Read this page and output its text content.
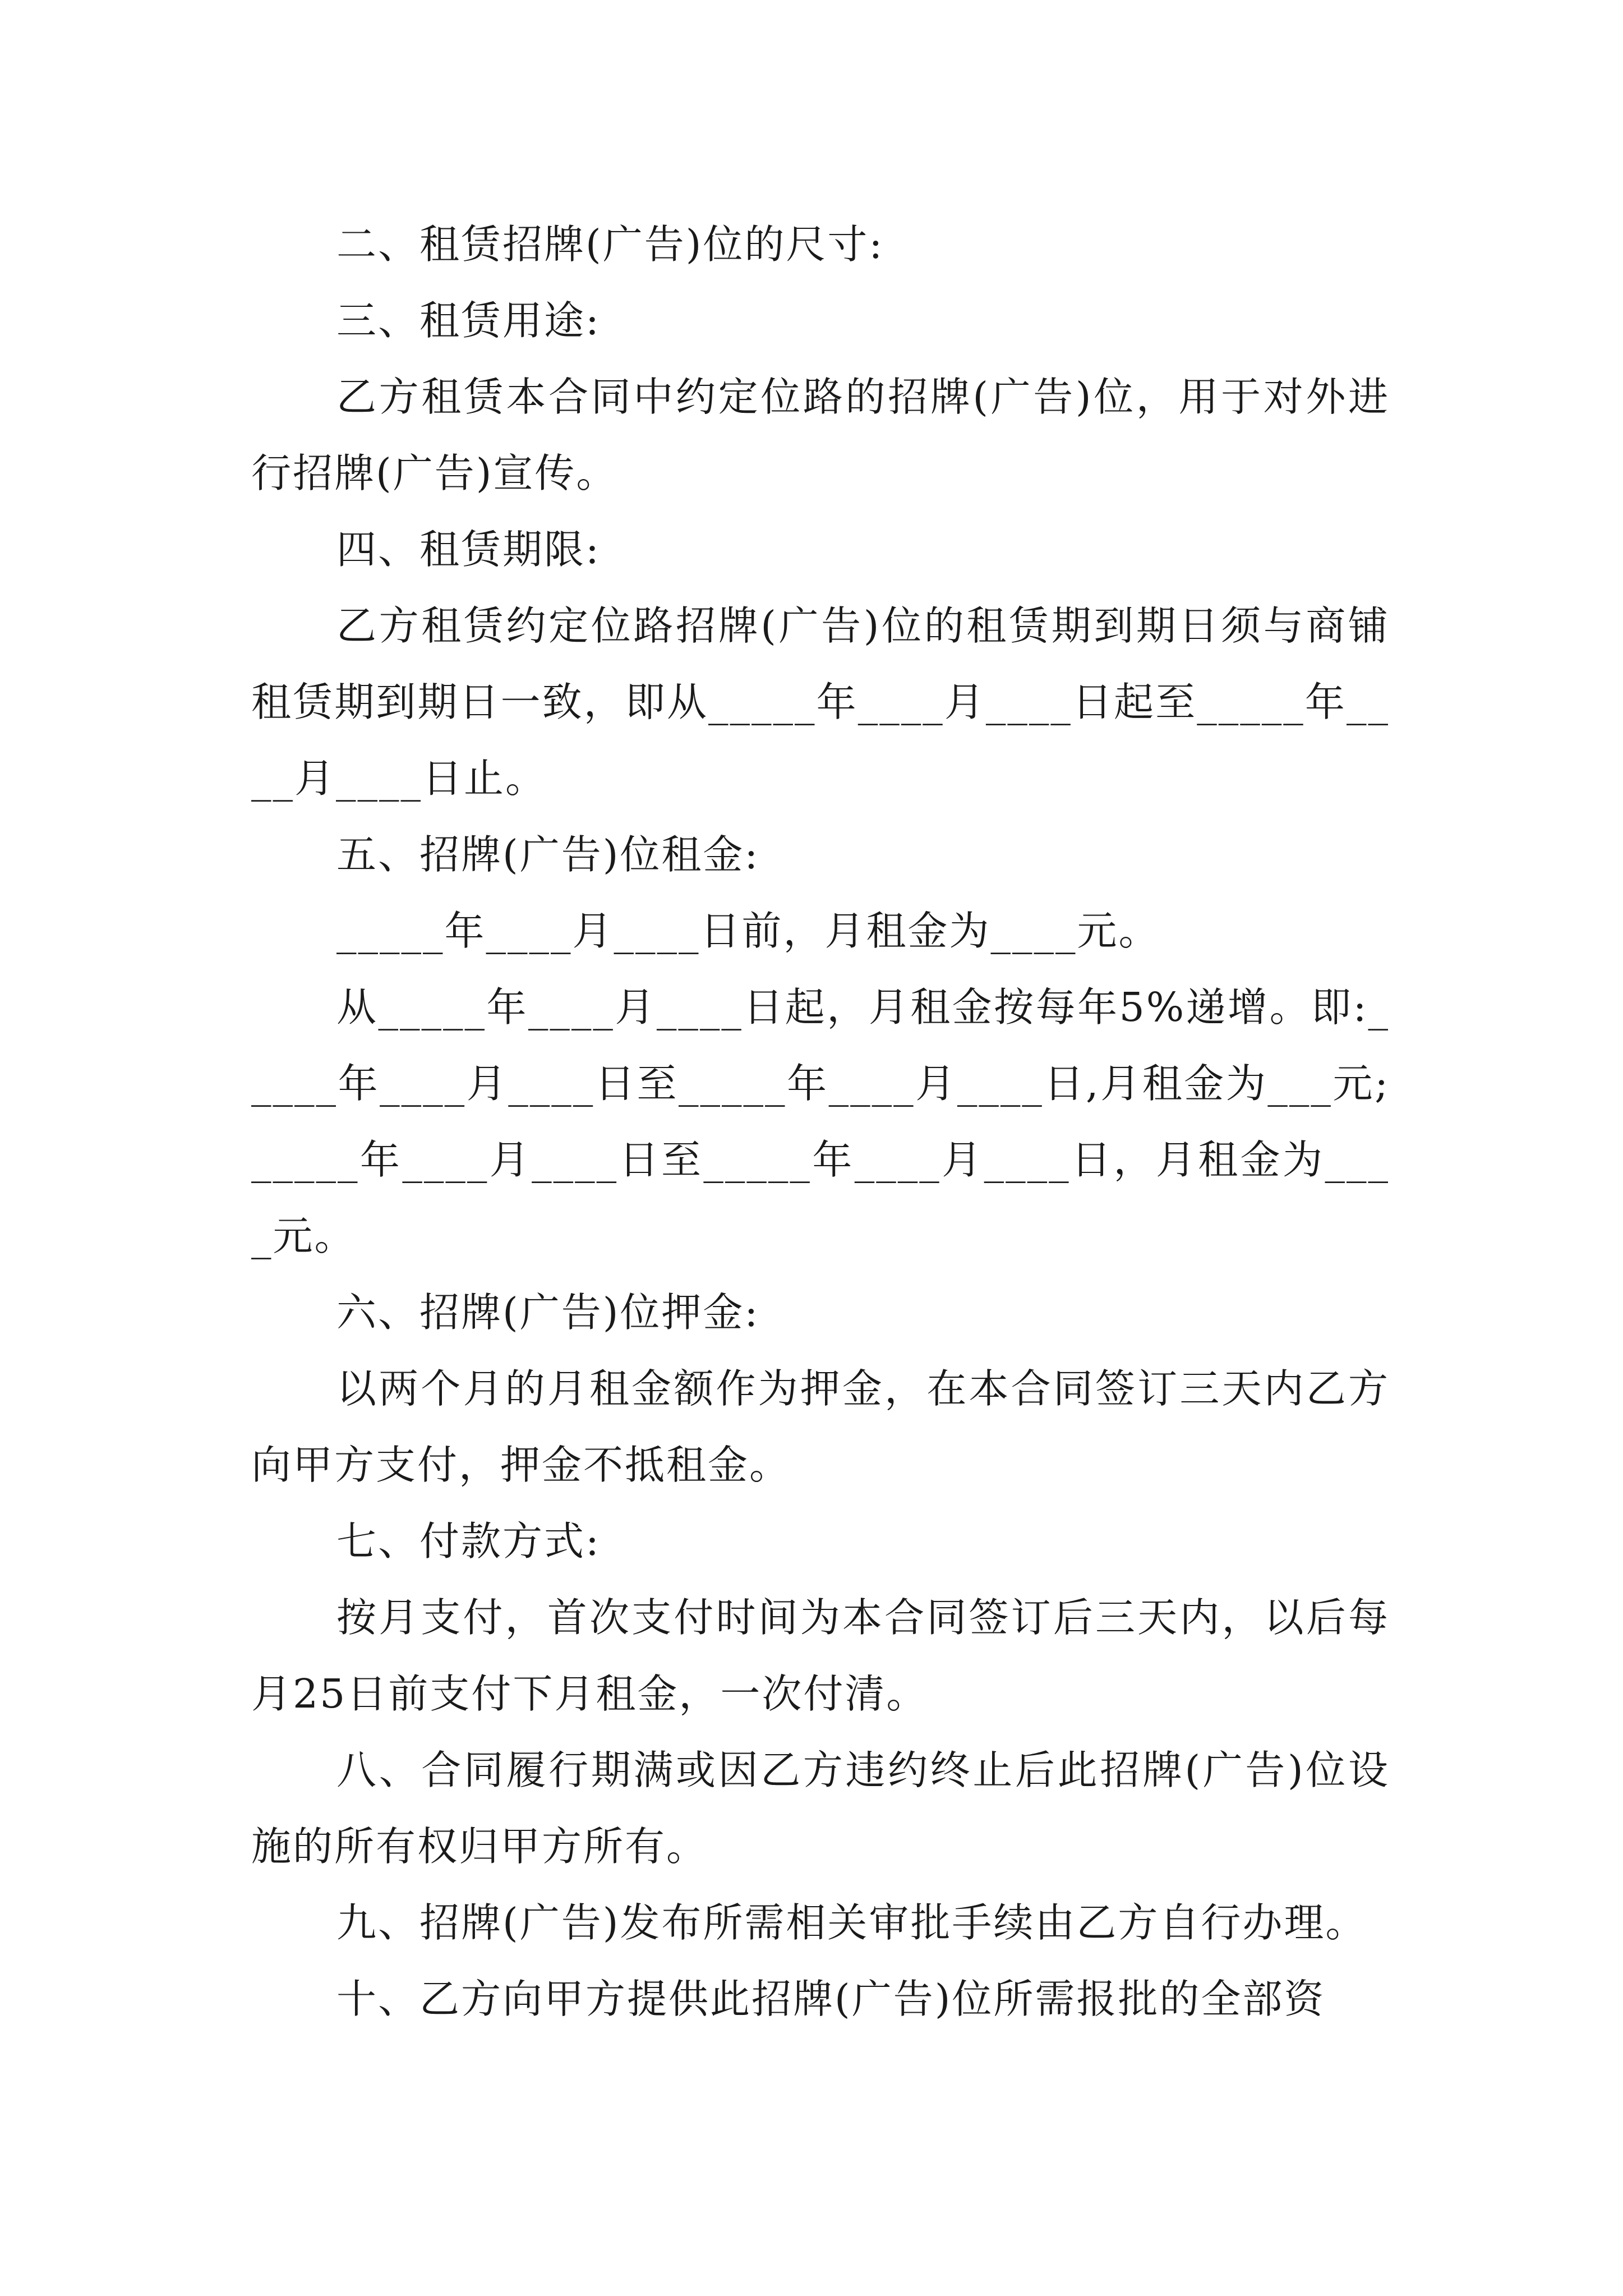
二、租赁招牌(广告)位的尺寸:

三、租赁用途:

乙方租赁本合同中约定位路的招牌(广告)位，用于对外进行招牌(广告)宣传。

四、租赁期限:

乙方租赁约定位路招牌(广告)位的租赁期到期日须与商铺租赁期到期日一致，即从_____年____月____日起至_____年____月____日止。

五、招牌(广告)位租金:

_____年____月____日前，月租金为____元。

从_____年____月____日起，月租金按每年5%递增。即:_____年____月____日至_____年____月____日,月租金为___元;_____年____月____日至_____年____月____日，月租金为____元。

六、招牌(广告)位押金:

以两个月的月租金额作为押金，在本合同签订三天内乙方向甲方支付，押金不抵租金。

七、付款方式:

按月支付，首次支付时间为本合同签订后三天内，以后每月25日前支付下月租金，一次付清。

八、合同履行期满或因乙方违约终止后此招牌(广告)位设施的所有权归甲方所有。

九、招牌(广告)发布所需相关审批手续由乙方自行办理。

十、乙方向甲方提供此招牌(广告)位所需报批的全部资
